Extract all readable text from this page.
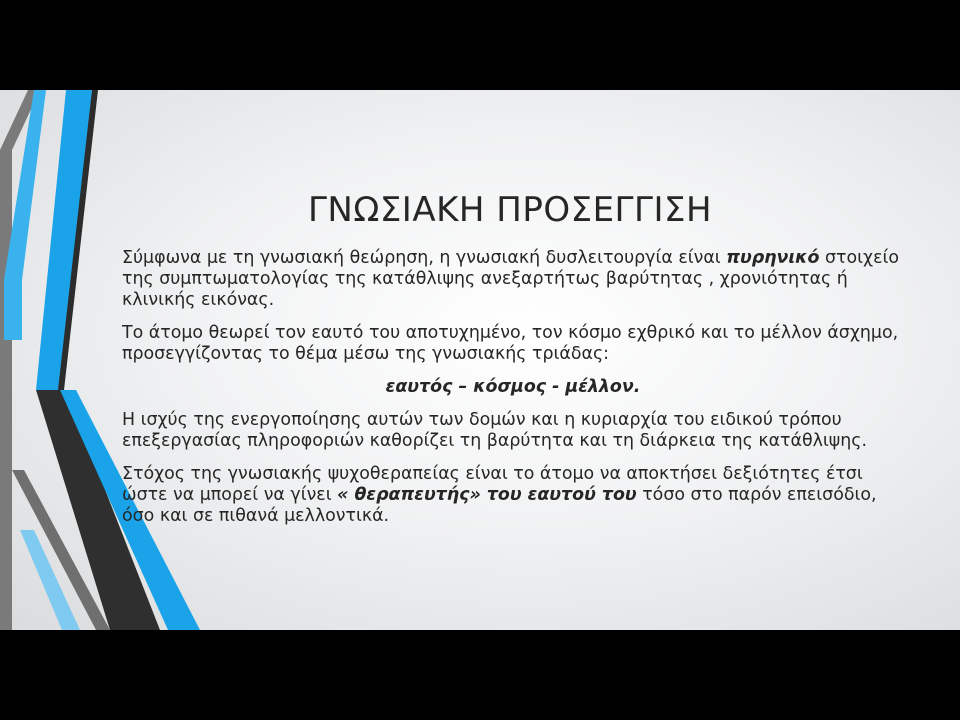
ΓΝΩΣΙΑΚΗ ΠΡΟΣΕΓΓΙΣΗ

Σύμφωνα με τη γνωσιακή θεώρηση, η γνωσιακή δυσλειτουργία είναι πυρηνικό στοιχείο της συμπτωματολογίας της κατάθλιψης ανεξαρτήτως βαρύτητας , χρονιότητας ή κλινικής εικόνας.

Το άτομο θεωρεί τον εαυτό του αποτυχημένο, τον κόσμο εχθρικό και το μέλλον άσχημο, προσεγγίζοντας το θέμα μέσω της γνωσιακής τριάδας:

εαυτός – κόσμος - μέλλον.

Η ισχύς της ενεργοποίησης αυτών των δομών και η κυριαρχία του ειδικού τρόπου επεξεργασίας πληροφοριών καθορίζει τη βαρύτητα και τη διάρκεια της κατάθλιψης.

Στόχος της γνωσιακής ψυχοθεραπείας είναι το άτομο να αποκτήσει δεξιότητες έτσι ώστε να μπορεί να γίνει « θεραπευτής» του εαυτού του τόσο στο παρόν επεισόδιο, όσο και σε πιθανά μελλοντικά.
